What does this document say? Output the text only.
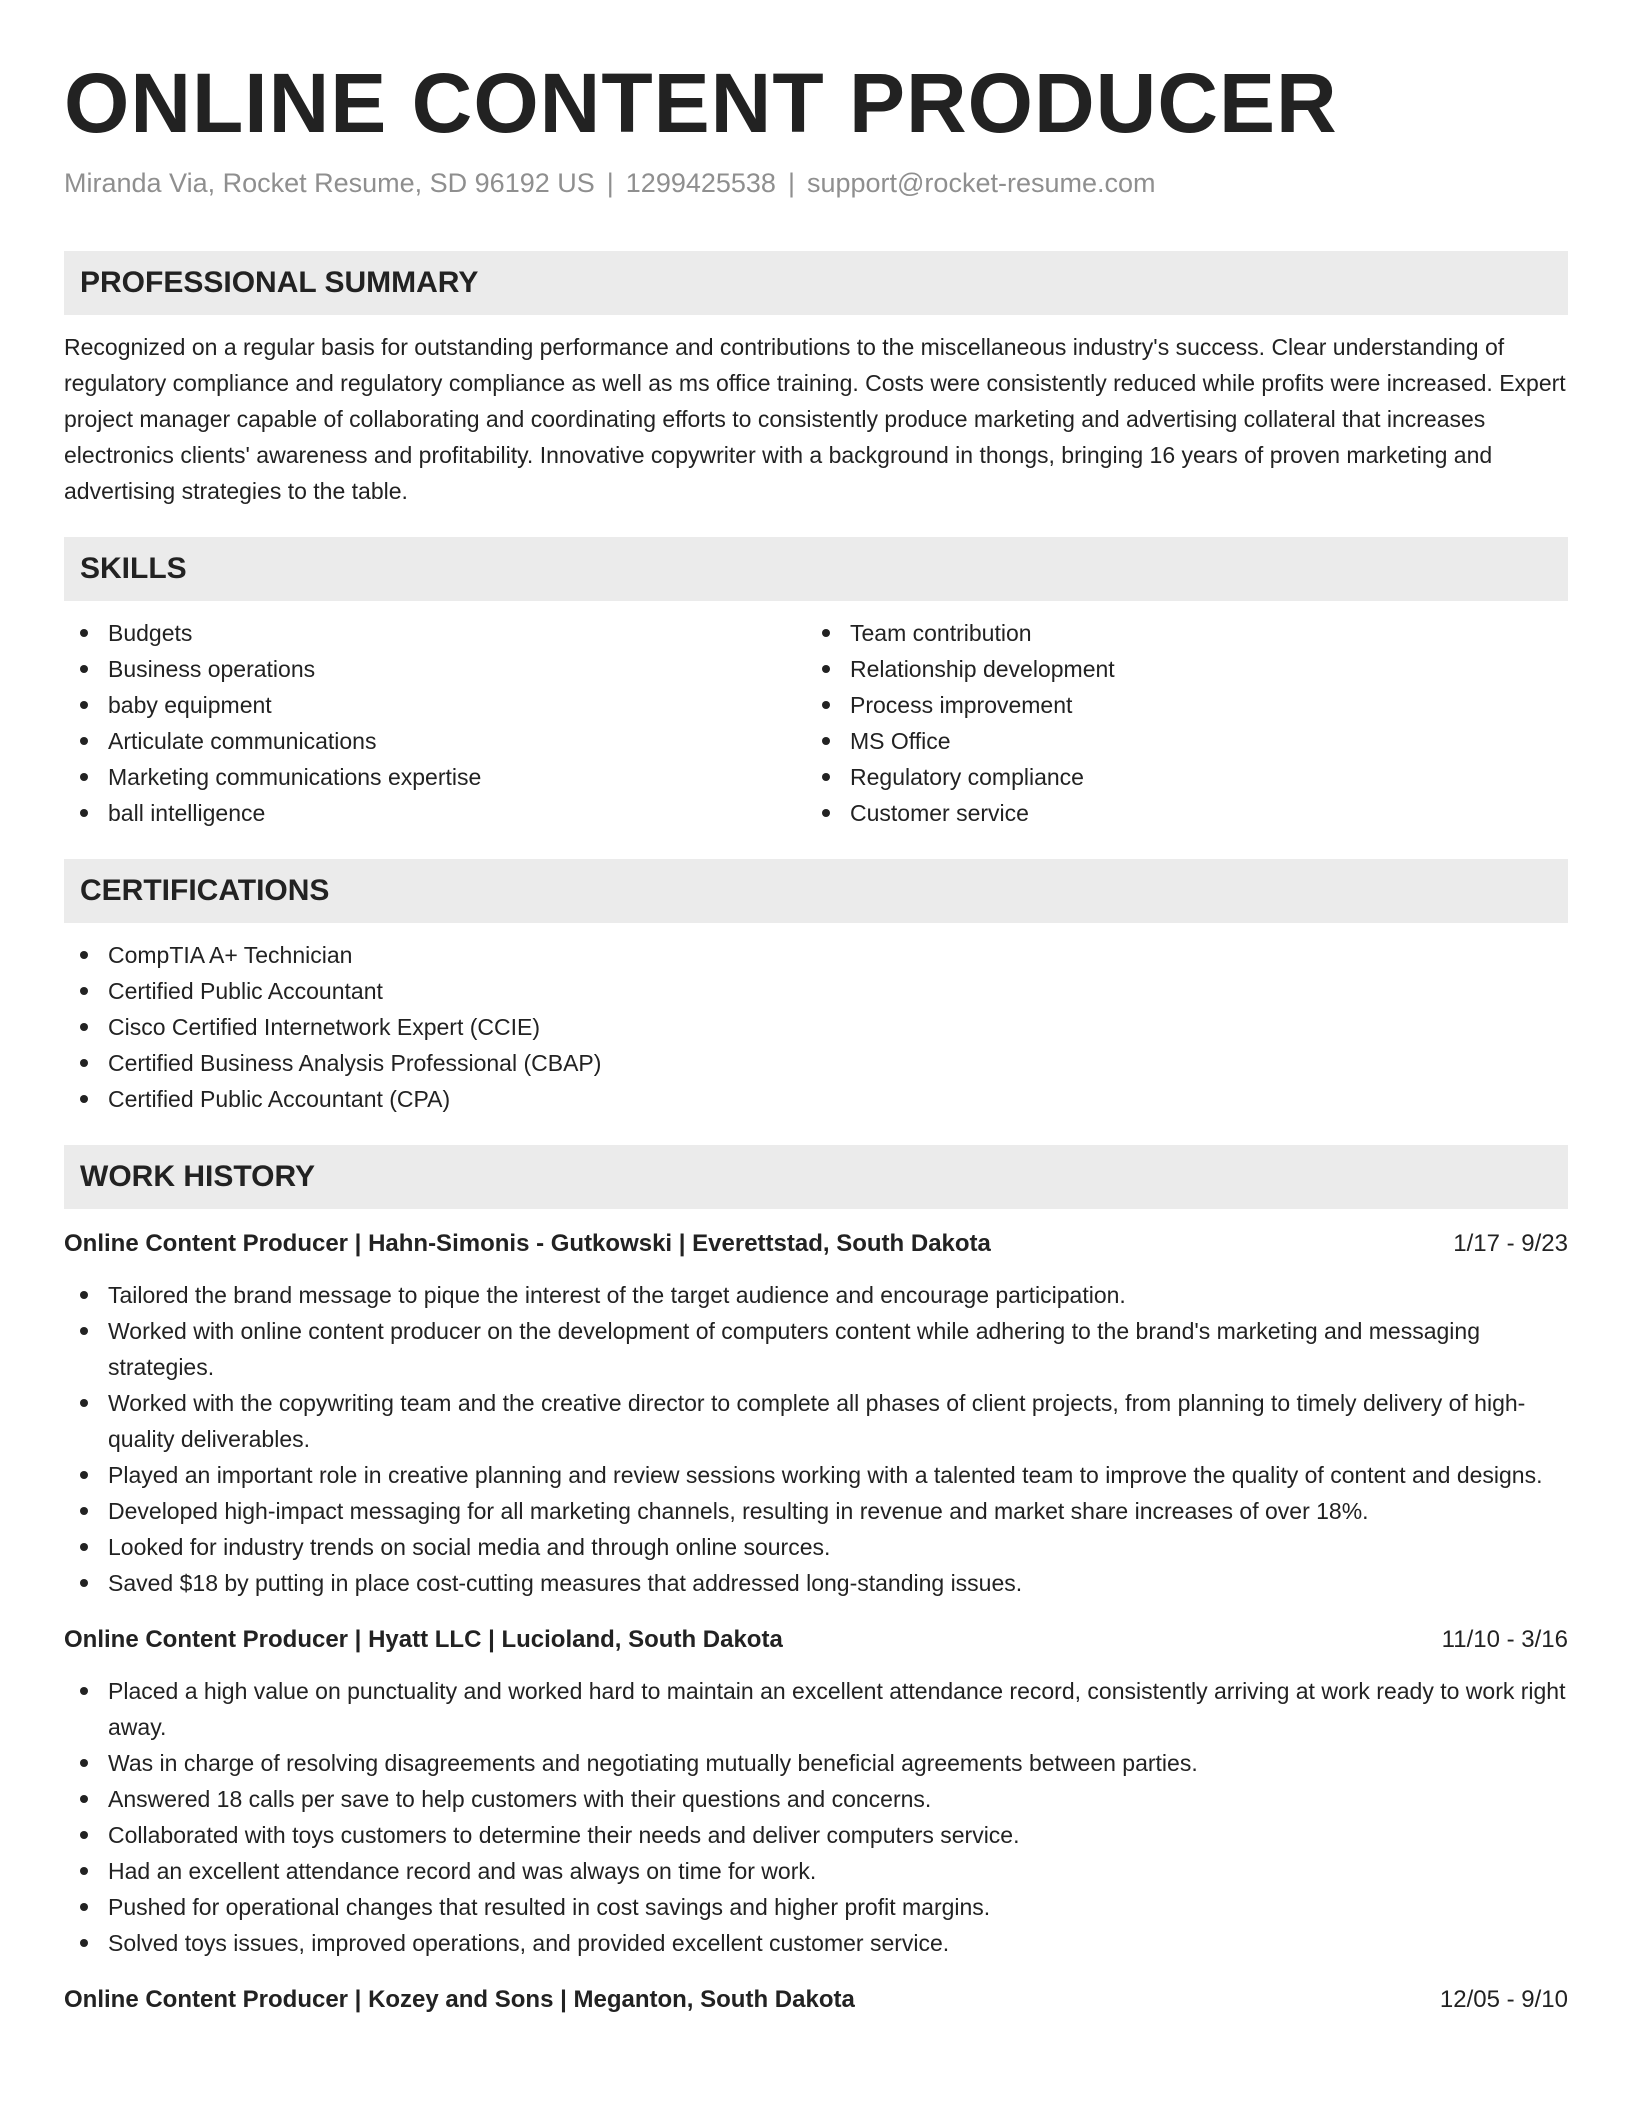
ONLINE CONTENT PRODUCER
Miranda Via, Rocket Resume, SD 96192 US | 1299425538 | support@rocket-resume.com
PROFESSIONAL SUMMARY
Recognized on a regular basis for outstanding performance and contributions to the miscellaneous industry's success. Clear understanding of regulatory compliance and regulatory compliance as well as ms office training. Costs were consistently reduced while profits were increased. Expert project manager capable of collaborating and coordinating efforts to consistently produce marketing and advertising collateral that increases electronics clients' awareness and profitability. Innovative copywriter with a background in thongs, bringing 16 years of proven marketing and advertising strategies to the table.
SKILLS
Budgets
Business operations
baby equipment
Articulate communications
Marketing communications expertise
ball intelligence
Team contribution
Relationship development
Process improvement
MS Office
Regulatory compliance
Customer service
CERTIFICATIONS
CompTIA A+ Technician
Certified Public Accountant
Cisco Certified Internetwork Expert (CCIE)
Certified Business Analysis Professional (CBAP)
Certified Public Accountant (CPA)
WORK HISTORY
Online Content Producer | Hahn-Simonis - Gutkowski | Everettstad, South Dakota	1/17 - 9/23
Tailored the brand message to pique the interest of the target audience and encourage participation.
Worked with online content producer on the development of computers content while adhering to the brand's marketing and messaging strategies.
Worked with the copywriting team and the creative director to complete all phases of client projects, from planning to timely delivery of high-quality deliverables.
Played an important role in creative planning and review sessions working with a talented team to improve the quality of content and designs.
Developed high-impact messaging for all marketing channels, resulting in revenue and market share increases of over 18%.
Looked for industry trends on social media and through online sources.
Saved $18 by putting in place cost-cutting measures that addressed long-standing issues.
Online Content Producer | Hyatt LLC | Lucioland, South Dakota	11/10 - 3/16
Placed a high value on punctuality and worked hard to maintain an excellent attendance record, consistently arriving at work ready to work right away.
Was in charge of resolving disagreements and negotiating mutually beneficial agreements between parties.
Answered 18 calls per save to help customers with their questions and concerns.
Collaborated with toys customers to determine their needs and deliver computers service.
Had an excellent attendance record and was always on time for work.
Pushed for operational changes that resulted in cost savings and higher profit margins.
Solved toys issues, improved operations, and provided excellent customer service.
Online Content Producer | Kozey and Sons | Meganton, South Dakota	12/05 - 9/10
